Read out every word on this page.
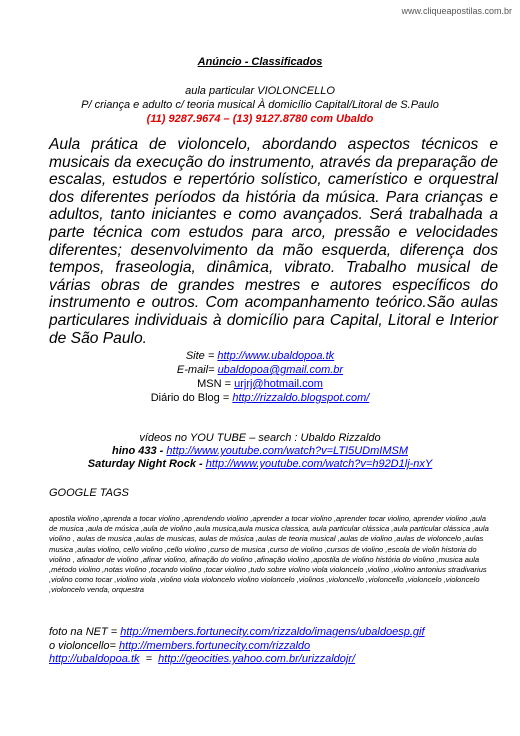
www.cliqueapostilas.com.br
Anúncio - Classificados
aula particular VIOLONCELLO
P/ criança e adulto c/ teoria musical À domicílio Capital/Litoral de S.Paulo
(11) 9287.9674 – (13) 9127.8780 com Ubaldo
Aula prática de violoncelo, abordando aspectos técnicos e musicais da execução do instrumento, através da preparação de escalas, estudos e repertório solístico, camerístico e orquestral dos diferentes períodos da história da música. Para crianças e adultos, tanto iniciantes e como avançados. Será trabalhada a parte técnica com estudos para arco, pressão e velocidades diferentes; desenvolvimento da mão esquerda, diferença dos tempos, fraseologia, dinâmica, vibrato. Trabalho musical de várias obras de grandes mestres e autores específicos do instrumento e outros. Com acompanhamento teórico.São aulas particulares individuais à domicílio para Capital, Litoral e Interior de São Paulo.
Site = http://www.ubaldopoa.tk
E-mail= ubaldopoa@gmail.com.br
MSN = urjrj@hotmail.com
Diário do Blog = http://rizzaldo.blogspot.com/
vídeos no YOU TUBE – search : Ubaldo Rizzaldo
hino 433 - http://www.youtube.com/watch?v=LTI5UDmIMSM
Saturday Night Rock - http://www.youtube.com/watch?v=h92D1lj-nxY
GOOGLE TAGS
apostila violino ,aprenda a tocar violino ,aprendendo violino ,aprender a tocar violino ,aprender tocar violino, aprender violino ,aula de musica ,aula de música ,aula de violino ,aula musica,aula musica classica, aula particular clássica ,aula particular clássica ,aula violino , aulas de musica ,aulas de musicas, aulas de música ,aulas de teoria musical ,aulas de violino ,aulas de violoncelo ,aulas musica ,aulas violino, cello violino ,cello violino ,curso de musica ,curso de violino ,cursos de violino ,escola de violin historia do violino , afinador de violino ,afinar violino, afinação do violino ,afinação violino ,apostila de violino história do violino ,musica aula ,método violino ,notas violino ,tocando violino ,tocar violino ,tudo sobre violino viola violoncelo ,violino ,violino antonius stradivarius ,violino como tocar ,violino viola ,violino viola violoncelo violino violoncelo ,violinos ,violoncello ,violoncello ,violoncelo ,violoncelo ,violoncelo venda, orquestra
foto na NET = http://members.fortunecity.com/rizzaldo/imagens/ubaldoesp.gif
o violoncello= http://members.fortunecity.com/rizzaldo
http://ubaldopoa.tk  =  http://geocities.yahoo.com.br/urizzaldojr/
